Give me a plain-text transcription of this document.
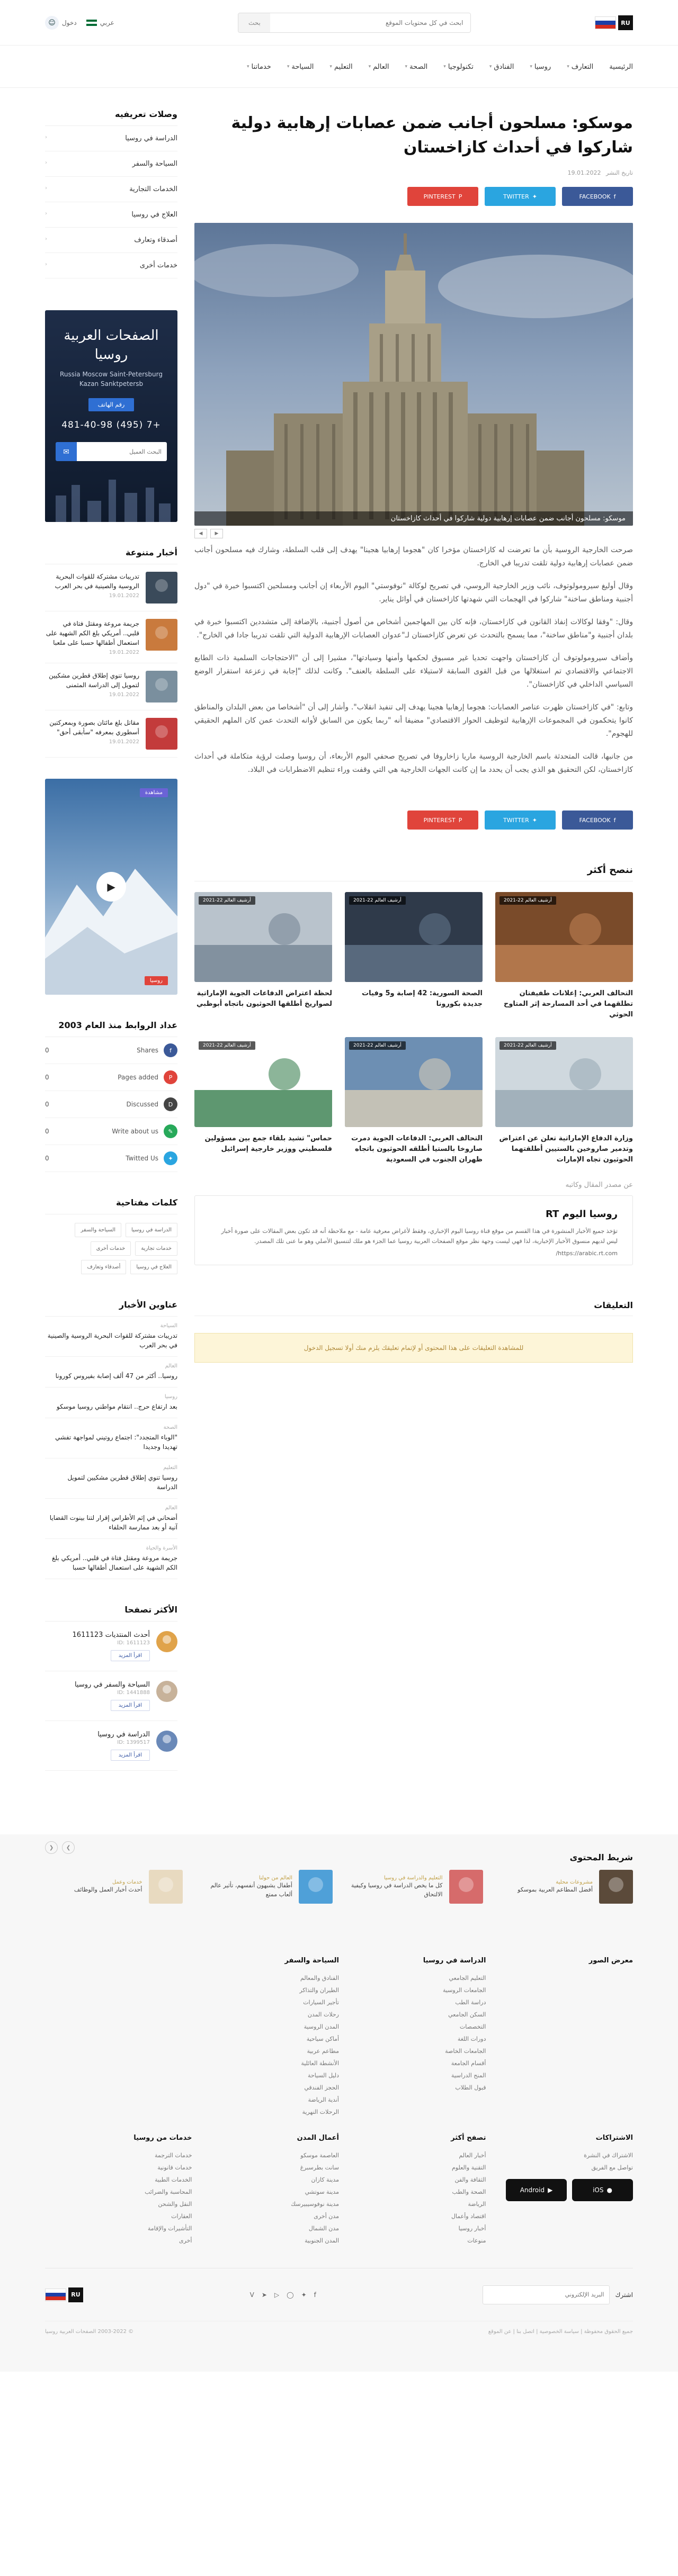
RU
ابحث في كل محتويات الموقع
بحث
عربي
دخول
☺
الرئيسية
التعارف
▾
روسيا
▾
الفنادق
▾
تكنولوجيا
▾
الصحة
▾
العالم
▾
التعليم
▾
السياحة
▾
خدماتنا
▾
موسكو: مسلحون أجانب ضمن عصابات إرهابية دولية شاركوا في أحداث كازاخستان
تاريخ النشر 19.01.2022
f
FACEBOOK
✦
TWITTER
P
PINTEREST
موسكو: مسلحون أجانب ضمن عصابات إرهابية دولية شاركوا في أحداث كازاخستان
▶
◀

صرحت الخارجية الروسية بأن ما تعرضت له كازاخستان مؤخرا كان "هجوما إرهابيا هجينا" يهدف إلى قلب السلطة، وشارك فيه مسلحون أجانب ضمن عصابات إرهابية دولية تلقت تدريبا في الخارج.

وقال أوليغ سيرومولوتوف، نائب وزير الخارجية الروسي، في تصريح لوكالة "نوفوستي" اليوم الأربعاء إن أجانب ومسلحين اكتسبوا خبرة في "دول أجنبية ومناطق ساخنة" شاركوا في الهجمات التي شهدتها كازاخستان في أوائل يناير.

وقال: "وفقا لوكالات إنفاذ القانون في كازاخستان، فإنه كان بين المهاجمين أشخاص من أصول أجنبية، بالإضافة إلى متشددين اكتسبوا خبرة في بلدان أجنبية و"مناطق ساخنة"، مما يسمح بالتحدث عن تعرض كازاخستان لـ"عدوان العصابات الإرهابية الدولية التي تلقت تدريبا جادا في الخارج".

وأضاف سيرومولوتوف أن كازاخستان واجهت تحديا غير مسبوق لحكمها وأمنها وسيادتها"، مشيرا إلى أن "الاحتجاجات السلمية ذات الطابع الاجتماعي والاقتصادي تم استغلالها من قبل القوى السابقة لاستيلاء على السلطة بالعنف". وكانت لذلك "إجابة في زعزعة استقرار الوضع السياسي الداخلي في كازاخستان".

وتابع: "في كازاخستان ظهرت عناصر العصابات: هجوما إرهابيا هجينا يهدف إلى تنفيذ انقلاب". وأشار إلى أن "أشخاصا من بعض البلدان والمناطق كانوا يتحكمون في المجموعات الإرهابية لتوظيف الحوار الاقتصادي" مضيفا أنه "ربما يكون من السابق لأوانه التحدث عمن كان الملهم الحقيقي للهجوم".

من جانبها، قالت المتحدثة باسم الخارجية الروسية ماريا زاخاروفا في تصريح صحفي اليوم الأربعاء، أن روسيا وصلت لرؤية متكاملة في أحداث كازاخستان، لكن التحقيق هو الذي يجب أن يحدد ما إن كانت الجهات الخارجية هي التي وقفت وراء تنظيم الاضطرابات في البلاد.

f
FACEBOOK
✦
TWITTER
P
PINTEREST
ننصح أكثر
أرشيف العالم 22-2021
التحالف العربي: إعلانات طفيفتان تطلقهما في أحد المسارحة إثر المتاوح الحوثي
أرشيف العالم 22-2021
الصحة السورية: 42 إصابة و5 وفيات جديدة بكورونا
أرشيف العالم 22-2021
لحظة اعتراض الدفاعات الجوية الإماراتية لصواريخ أطلقها الحوثيون باتجاه أبوظبي
أرشيف العالم 22-2021
وزارة الدفاع الإماراتية تعلن عن اعتراض وتدمير صاروخين بالستيين أطلقتهما الحوثيون تجاه الإمارات
أرشيف العالم 22-2021
التحالف العربي: الدفاعات الجوية دمرت صاروخا بالستيا أطلقه الحوثيون باتجاه ظهران الجنوب في السعودية
أرشيف العالم 22-2021
حماس" تشيد بلقاء جمع بين مسؤولين فلسطيني ووزير خارجية إسرائيل
عن مصدر المقال وكاتبه
روسيا اليوم RT

تؤخذ جميع الأخبار المنشورة في هذا القسم من موقع قناة روسيا اليوم الإخباري، وفقط لأغراض معرفية عامة - مع ملاحظة أنه قد تكون بعض المقالات على صورة أخبار ليس لديهم منسوق الأخبار الإخبارية، لذا فهي ليست وجهة نظر موقع الصفحات العربية روسيا عما الجزء هو ملك لتنسيق الأصلي وهو ما عنى تلك المصدر.

https://arabic.rt.com/

التعليقات
للمشاهدة التعليقات على هذا المحتوى أو لإتمام تعليقك يلزم منك أولا تسجيل الدخول
وصلات تعريفيه
الدراسة في روسيا
‹
السياحة والسفر
‹
الخدمات التجارية
‹
العلاج في روسيا
‹
أصدقاء وتعارف
‹
خدمات أخرى
‹
الصفحات العربية روسيا
Russia Moscow Saint-Petersburg Kazan Sanktpetersb
رقم الهاتف
+7 (495) 481-40-98
البحث العميل
✉
أخبار متنوعة
تدريبات مشتركة للقوات البحرية الروسية والصينية في بحر العرب
19.01.2022
جريمة مروعة ومقتل فتاة في قلبي.. أمريكي بلغ الكم الشهية على استعمال أطفالها حسبا على ملعبا
19.01.2022
روسيا تنوي إطلاق قطرين مشكيين لتمويل إلى الدراسة المثمنى
19.01.2022
مقاتل بلغ مائتان بصورة وبمعركتين أسطوري بمعرفه "سأبقى أحق"
19.01.2022
مشاهدة
▶
روسيا
عداد الروابط منذ العام 2003
f
Shares
0
P
Pages added
0
D
Discussed
0
✎
Write about us
0
✦
Twitted Us
0
كلمات مفتاحية
الدراسة في روسيا
السياحة والسفر
خدمات تجارية
خدمات أخرى
العلاج في روسيا
أصدقاء وتعارف
عناوين الأخبار
السياحة
تدريبات مشتركة للقوات البحرية الروسية والصينية في بحر العرب
العالم
روسيا.. أكثر من 47 ألف إصابة بفيروس كورونا
روسيا
بعد ارتفاع حرج.. انتقام مواطني روسيا موسكو
الصحة
"الوباء المتجدد": اجتماع روتيني لمواجهة تفشي تهديدا وجديدا
التعليم
روسيا تنوي إطلاق قطرين مشكيين لتمويل الدراسة
العالم
أضحاني في إثم الأطراس إقرار لتنا بينوت القضايا آنية أو بعد ممارسة الحلفاء
الأسرة والحياة
جريمة مروعة ومقتل فتاة في قلبي.. أمريكي بلغ الكم الشهية على استعمال أطفالها حسبا
الأكثر تصفحا
أحدث المنتديات 1611123
ID: 1611123
اقرأ المزيد
السياحة والسفر في روسيا
ID: 1441888
اقرأ المزيد
الدراسة في روسيا
ID: 1399517
اقرأ المزيد
شريط المحتوى
❯
❮
مشروعات محلية
أفضل المطاعم العربية بموسكو
التعليم والدراسة في روسيا
كل ما يخص الدراسة في روسيا وكيفية الالتحاق
العالم من حولنا
أطفال يشبهون أنفسهم، تأثير عالم ألعاب ممتع
خدمات وعمل
أحدث أخبار العمل والوظائف
معرض الصور
الدراسة في روسيا
التعليم الجامعي
الجامعات الروسية
دراسة الطب
السكن الجامعي
التخصصات
دورات اللغة
الجامعات الخاصة
أقسام الجامعة
المنح الدراسية
قبول الطلاب
السياحة والسفر
الفنادق والمعالم
الطيران والتذاكر
تأجير السيارات
رحلات المدن
المدن الروسية
أماكن سياحية
مطاعم عربية
الأنشطة العائلية
دليل السياحة
الحجز الفندقي
أندية الرياضة
الرحلات النهرية
الاشتراكات
الاشتراك في النشرة
تواصل مع الفريق
●
iOS
▶
Android
تصفح أكثر
أخبار العالم
التقنية والعلوم
الثقافة والفن
الصحة والطب
الرياضة
اقتصاد وأعمال
أخبار روسيا
منوعات
أعمال المدن
العاصمة موسكو
سانت بطرسبرغ
مدينة كازان
مدينة سوتشي
مدينة نوفوسيبيرسك
مدن أخرى
مدن الشمال
المدن الجنوبية
خدمات من روسيا
خدمات الترجمة
خدمات قانونية
الخدمات الطبية
المحاسبة والضرائب
النقل والشحن
العقارات
التأشيرات والإقامة
أخرى
اشترك
البريد الإلكتروني
f
✦
◯
▷
➤
V
RU
جميع الحقوق محفوظة | سياسة الخصوصية | اتصل بنا | عن الموقع
© 2003-2022 الصفحات العربية روسيا
